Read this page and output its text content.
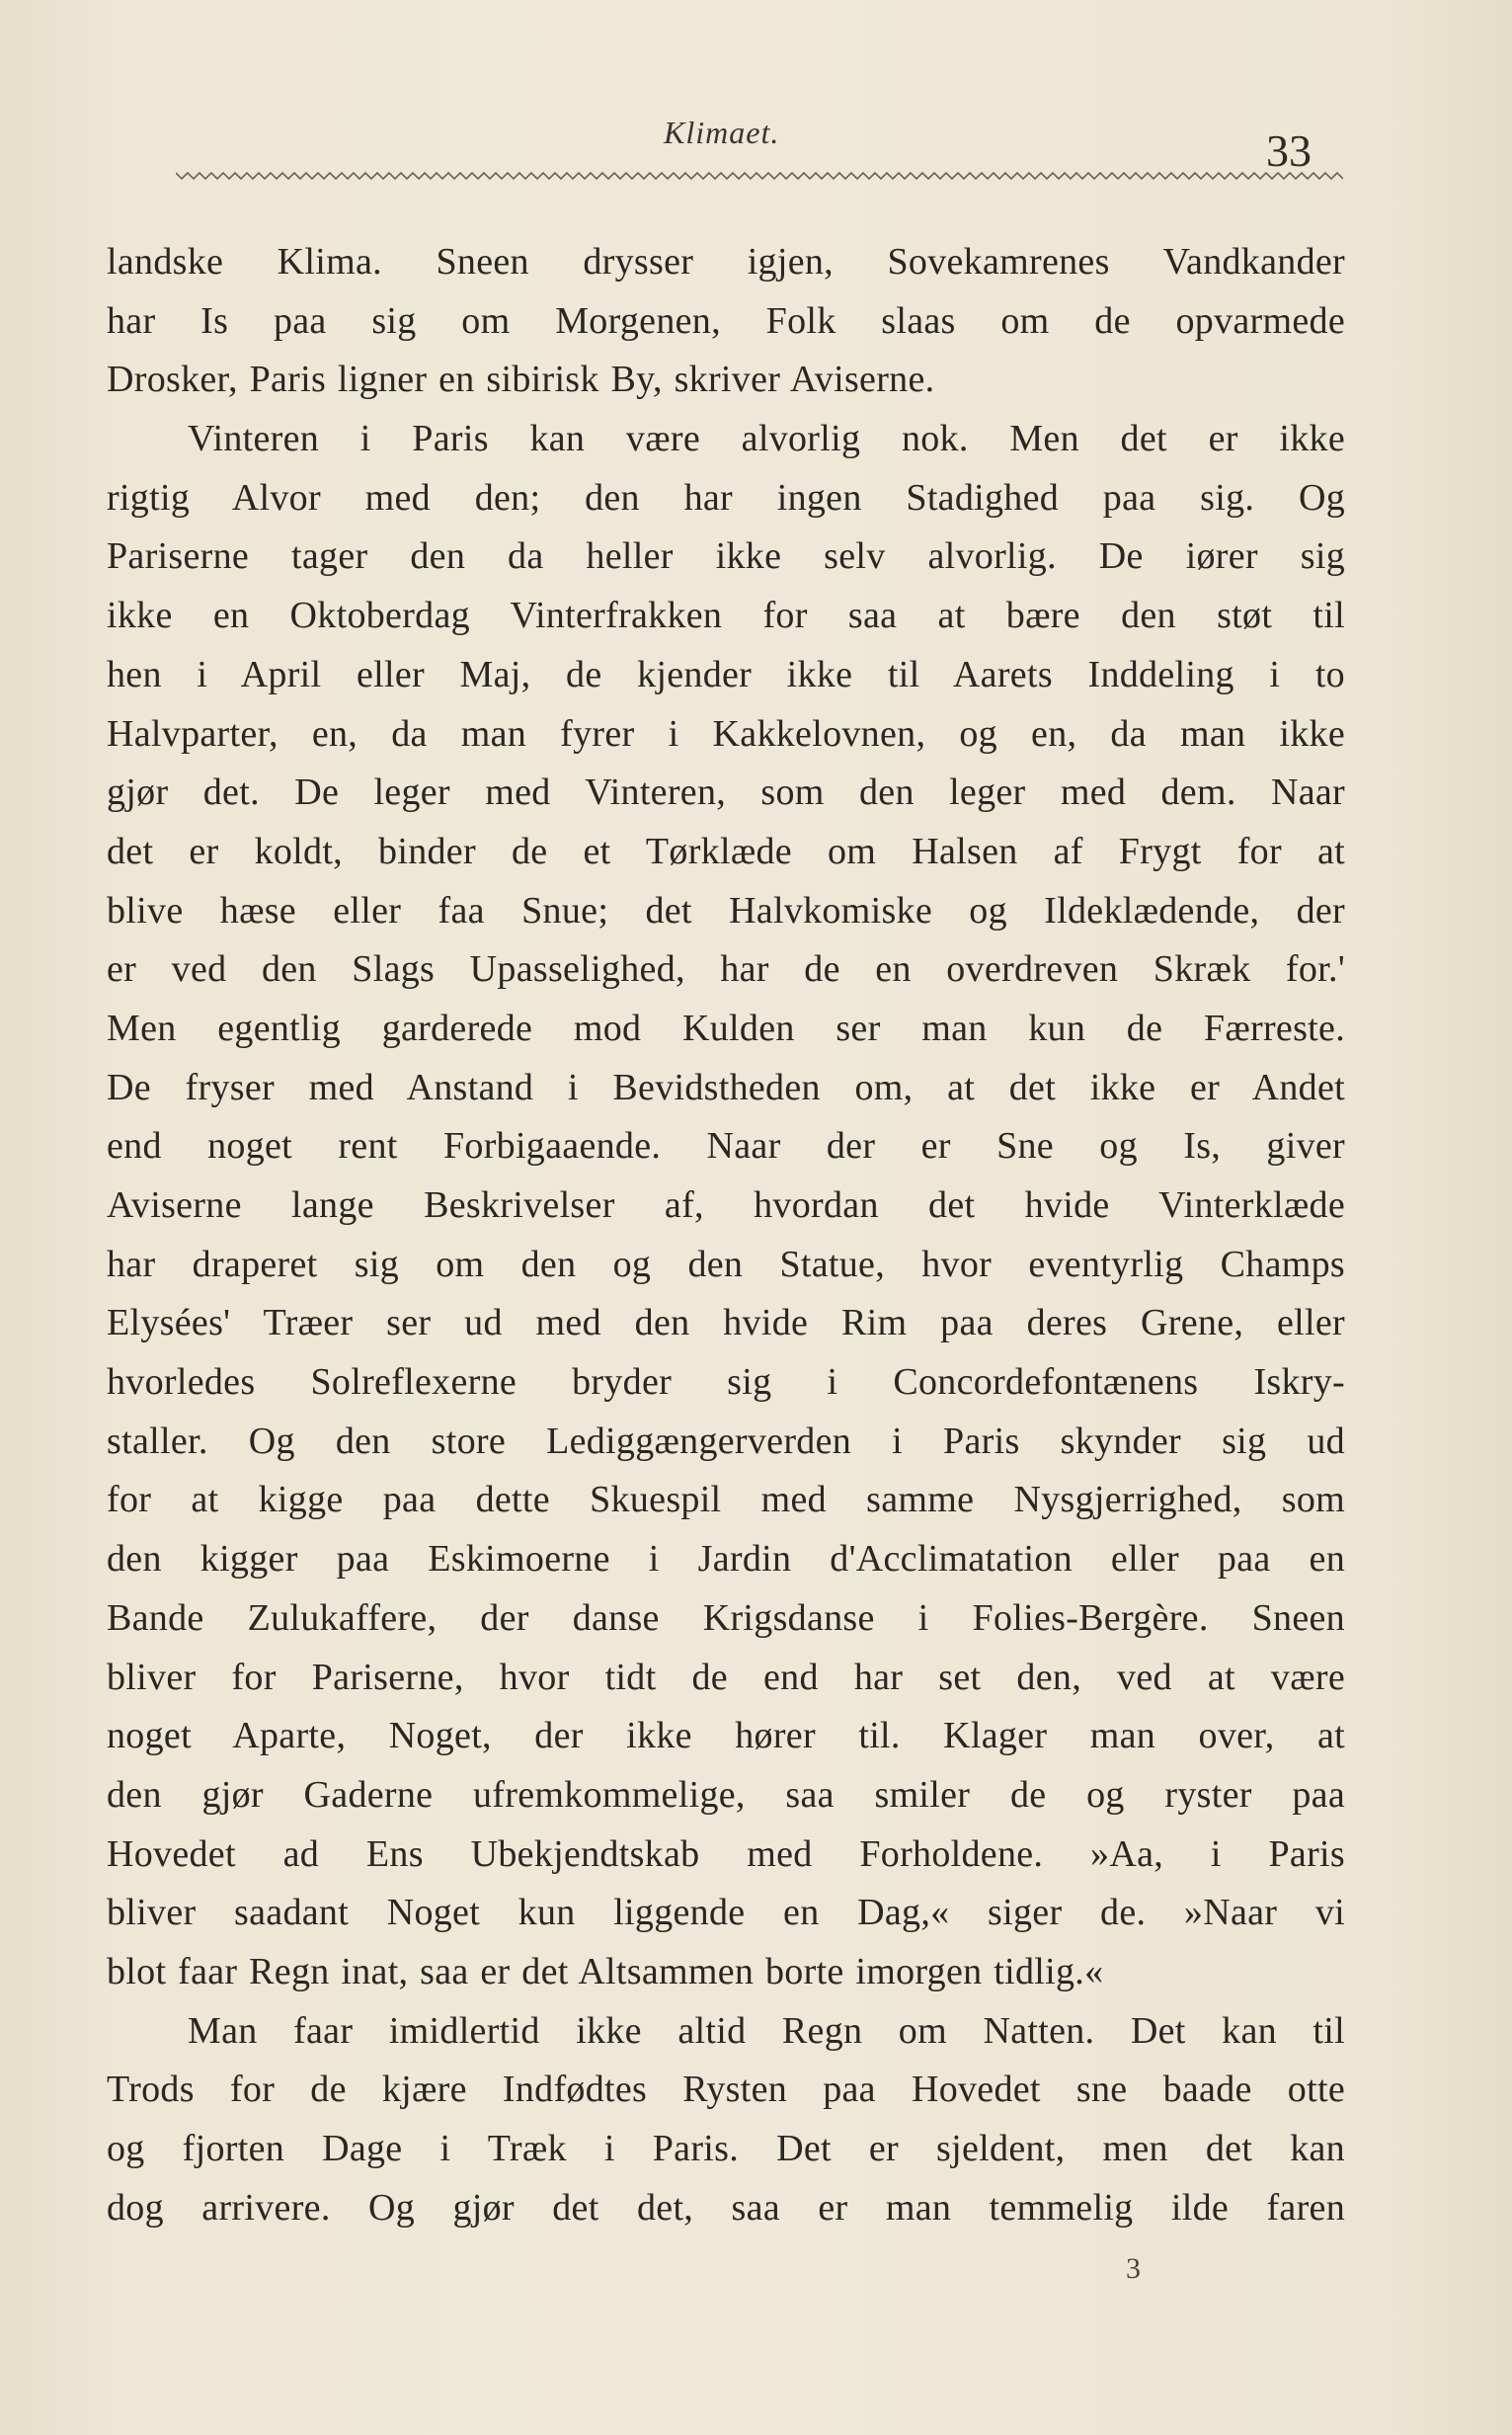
Klimaet.	33
landske Klima. Sneen drysser igjen, Sovekamrenes Vandkander
har Is paa sig om Morgenen, Folk slaas om de opvarmede
Drosker, Paris ligner en sibirisk By, skriver Aviserne.
Vinteren i Paris kan være alvorlig nok. Men det er ikke
rigtig Alvor med den; den har ingen Stadighed paa sig. Og
Pariserne tager den da heller ikke selv alvorlig. De iører sig
ikke en Oktoberdag Vinterfrakken for saa at bære den støt til
hen i April eller Maj, de kjender ikke til Aarets Inddeling i to
Halvparter, en, da man fyrer i Kakkelovnen, og en, da man ikke
gjør det. De leger med Vinteren, som den leger med dem. Naar
det er koldt, binder de et Tørklæde om Halsen af Frygt for at
blive hæse eller faa Snue; det Halvkomiske og Ildeklædende, der
er ved den Slags Upasselighed, har de en overdreven Skræk for.'
Men egentlig garderede mod Kulden ser man kun de Færreste.
De fryser med Anstand i Bevidstheden om, at det ikke er Andet
end noget rent Forbigaaende. Naar der er Sne og Is, giver
Aviserne lange Beskrivelser af, hvordan det hvide Vinterklæde
har draperet sig om den og den Statue, hvor eventyrlig Champs
Elysées' Træer ser ud med den hvide Rim paa deres Grene, eller
hvorledes Solreflexerne bryder sig i Concordefontænens Iskry-
staller. Og den store Lediggængerverden i Paris skynder sig ud
for at kigge paa dette Skuespil med samme Nysgjerrighed, som
den kigger paa Eskimoerne i Jardin d'Acclimatation eller paa en
Bande Zulukaffere, der danse Krigsdanse i Folies-Bergère. Sneen
bliver for Pariserne, hvor tidt de end har set den, ved at være
noget Aparte, Noget, der ikke hører til. Klager man over, at
den gjør Gaderne ufremkommelige, saa smiler de og ryster paa
Hovedet ad Ens Ubekjendtskab med Forholdene. »Aa, i Paris
bliver saadant Noget kun liggende en Dag,« siger de. »Naar vi
blot faar Regn inat, saa er det Altsammen borte imorgen tidlig.«
Man faar imidlertid ikke altid Regn om Natten. Det kan til
Trods for de kjære Indfødtes Rysten paa Hovedet sne baade otte
og fjorten Dage i Træk i Paris. Det er sjeldent, men det kan
dog arrivere. Og gjør det det, saa er man temmelig ilde faren
3
